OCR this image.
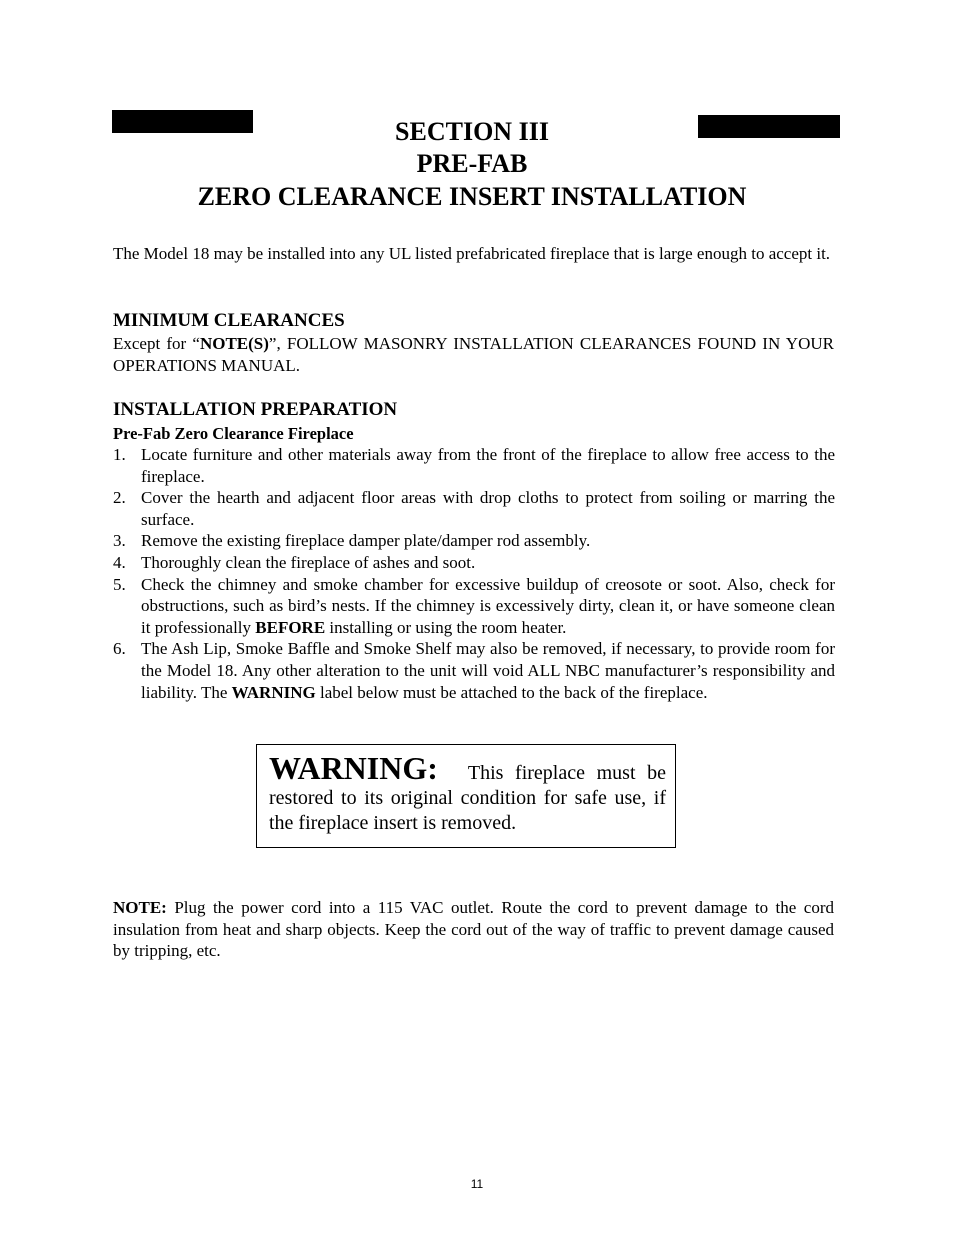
SECTION III
PRE-FAB
ZERO CLEARANCE INSERT INSTALLATION
The Model 18 may be installed into any UL listed prefabricated fireplace that is large enough to accept it.
MINIMUM CLEARANCES
Except for “NOTE(S)”, FOLLOW MASONRY INSTALLATION CLEARANCES FOUND IN YOUR OPERATIONS MANUAL.
INSTALLATION PREPARATION
Pre-Fab Zero Clearance Fireplace
1. Locate furniture and other materials away from the front of the fireplace to allow free access to the fireplace.
2. Cover the hearth and adjacent floor areas with drop cloths to protect from soiling or marring the surface.
3. Remove the existing fireplace damper plate/damper rod assembly.
4. Thoroughly clean the fireplace of ashes and soot.
5. Check the chimney and smoke chamber for excessive buildup of creosote or soot. Also, check for obstructions, such as bird’s nests. If the chimney is excessively dirty, clean it, or have someone clean it professionally BEFORE installing or using the room heater.
6. The Ash Lip, Smoke Baffle and Smoke Shelf may also be removed, if necessary, to provide room for the Model 18. Any other alteration to the unit will void ALL NBC manufacturer’s responsibility and liability. The WARNING label below must be attached to the back of the fireplace.
WARNING: This fireplace must be restored to its original condition for safe use, if the fireplace insert is removed.
NOTE: Plug the power cord into a 115 VAC outlet. Route the cord to prevent damage to the cord insulation from heat and sharp objects. Keep the cord out of the way of traffic to prevent damage caused by tripping, etc.
11
